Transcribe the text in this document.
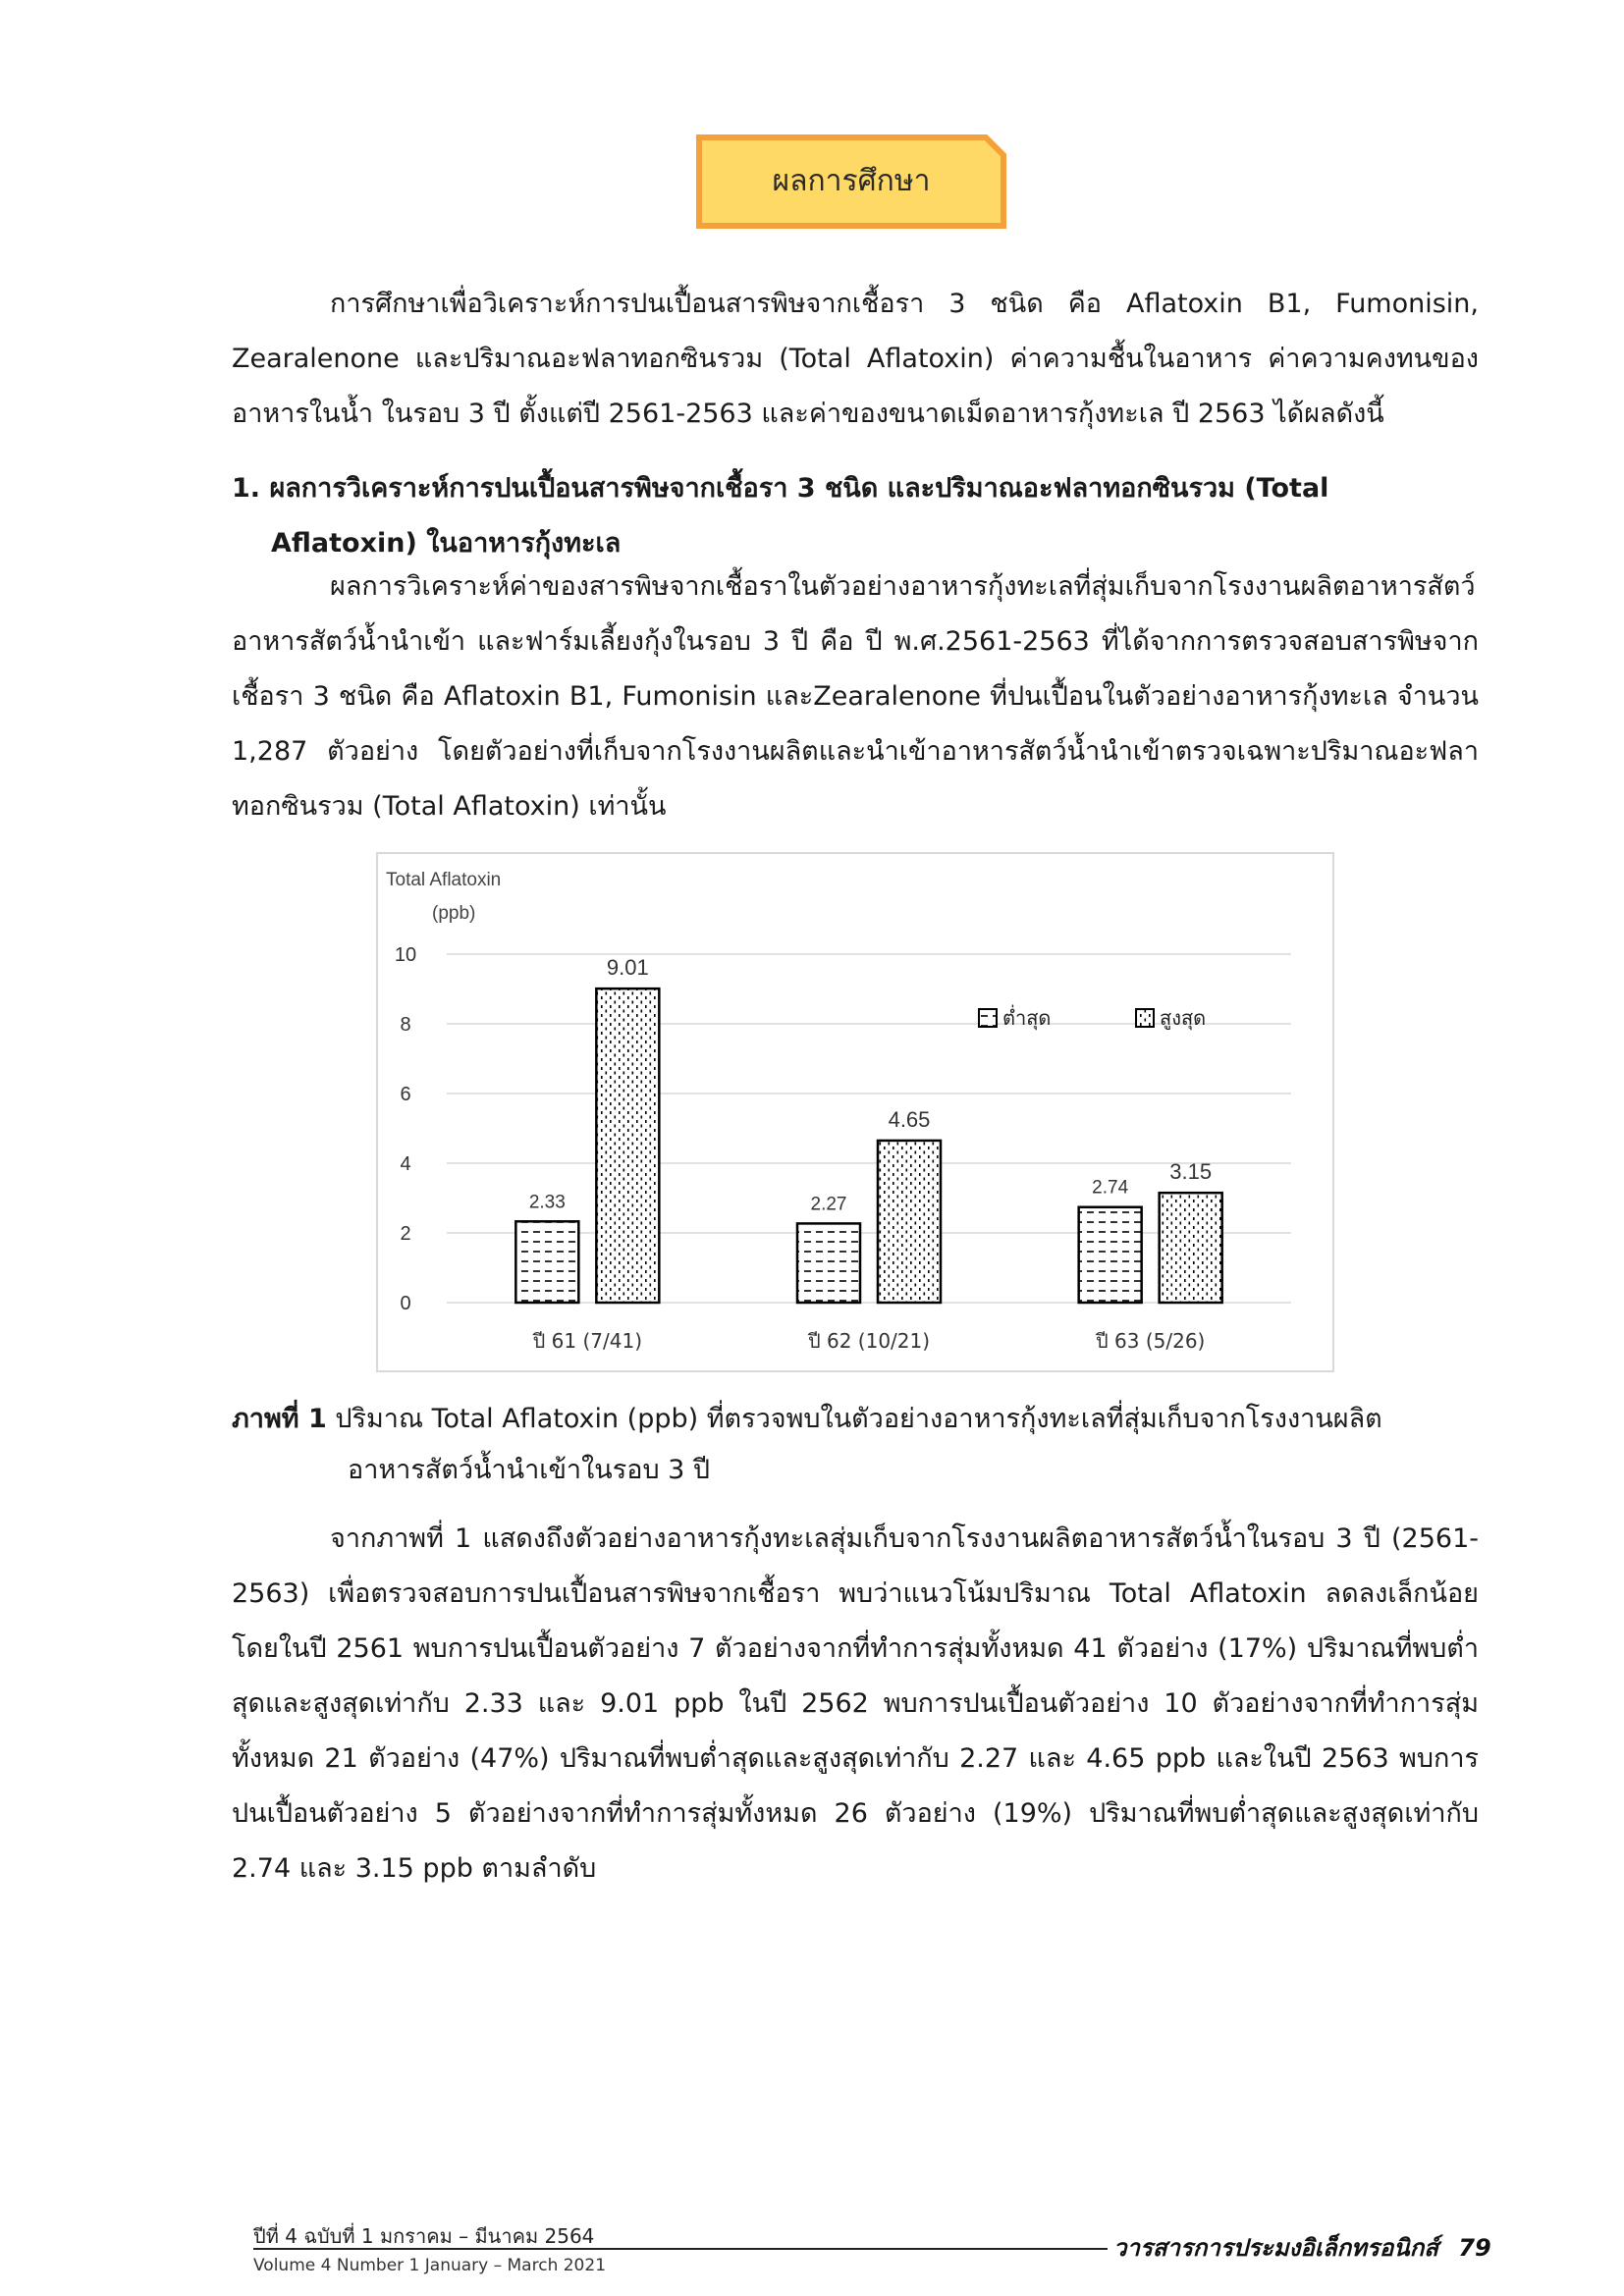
ผลการศึกษา

การศึกษาเพื่อวิเคราะห์การปนเปื้อนสารพิษจากเชื้อรา 3 ชนิด คือ Aflatoxin B1, Fumonisin, Zearalenone และปริมาณอะฟลาทอกซินรวม (Total Aflatoxin) ค่าความชื้นในอาหาร ค่าความคงทนของอาหารในน้ำ ในรอบ 3 ปี ตั้งแต่ปี 2561-2563 และค่าของขนาดเม็ดอาหารกุ้งทะเล ปี 2563 ได้ผลดังนี้

1. ผลการวิเคราะห์การปนเปื้อนสารพิษจากเชื้อรา 3 ชนิด และปริมาณอะฟลาทอกซินรวม (Total Aflatoxin) ในอาหารกุ้งทะเล

ผลการวิเคราะห์ค่าของสารพิษจากเชื้อราในตัวอย่างอาหารกุ้งทะเลที่สุ่มเก็บจากโรงงานผลิตอาหารสัตว์ อาหารสัตว์น้ำนำเข้า และฟาร์มเลี้ยงกุ้งในรอบ 3 ปี คือ ปี พ.ศ.2561-2563 ที่ได้จากการตรวจสอบสารพิษจากเชื้อรา 3 ชนิด คือ Aflatoxin B1, Fumonisin และZearalenone ที่ปนเปื้อนในตัวอย่างอาหารกุ้งทะเล จำนวน 1,287 ตัวอย่าง โดยตัวอย่างที่เก็บจากโรงงานผลิตและนำเข้าอาหารสัตว์น้ำนำเข้าตรวจเฉพาะปริมาณอะฟลาทอกซินรวม (Total Aflatoxin) เท่านั้น

Total Aflatoxin
(ppb)
0
2
4
6
8
10
2.33
9.01
ปี 61 (7/41)
2.27
4.65
ปี 62 (10/21)
2.74
3.15
ปี 63 (5/26)
ต่ำสุด	สูงสุด
ภาพที่ 1 ปริมาณ Total Aflatoxin (ppb) ที่ตรวจพบในตัวอย่างอาหารกุ้งทะเลที่สุ่มเก็บจากโรงงานผลิต
อาหารสัตว์น้ำนำเข้าในรอบ 3 ปี

จากภาพที่ 1 แสดงถึงตัวอย่างอาหารกุ้งทะเลสุ่มเก็บจากโรงงานผลิตอาหารสัตว์น้ำในรอบ 3 ปี (2561-2563) เพื่อตรวจสอบการปนเปื้อนสารพิษจากเชื้อรา พบว่าแนวโน้มปริมาณ Total Aflatoxin ลดลงเล็กน้อย โดยในปี 2561 พบการปนเปื้อนตัวอย่าง 7 ตัวอย่างจากที่ทำการสุ่มทั้งหมด 41 ตัวอย่าง (17%) ปริมาณที่พบต่ำสุดและสูงสุดเท่ากับ 2.33 และ 9.01 ppb ในปี 2562 พบการปนเปื้อนตัวอย่าง 10 ตัวอย่างจากที่ทำการสุ่มทั้งหมด 21 ตัวอย่าง (47%) ปริมาณที่พบต่ำสุดและสูงสุดเท่ากับ 2.27 และ 4.65 ppb และในปี 2563 พบการปนเปื้อนตัวอย่าง 5 ตัวอย่างจากที่ทำการสุ่มทั้งหมด 26 ตัวอย่าง (19%) ปริมาณที่พบต่ำสุดและสูงสุดเท่ากับ 2.74 และ 3.15 ppb ตามลำดับ

ปีที่ 4 ฉบับที่ 1 มกราคม – มีนาคม 2564
Volume 4 Number 1 January – March 2021
วารสารการประมงอิเล็กทรอนิกส์ 79
